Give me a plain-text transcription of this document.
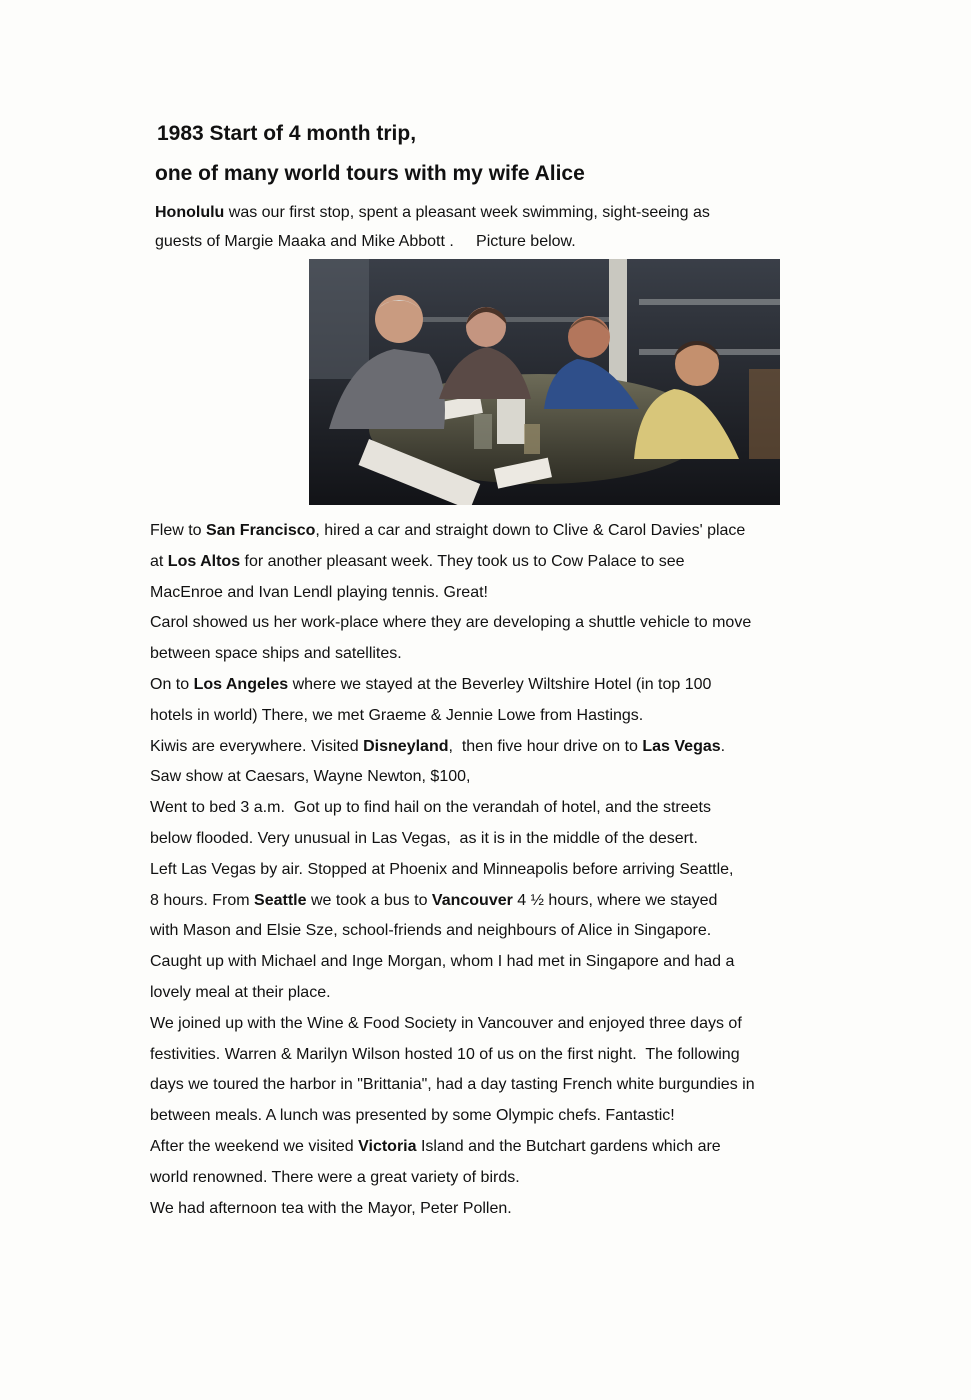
1983 Start of 4 month trip,
one of many world tours with my wife Alice
Honolulu was our first stop, spent a pleasant week swimming, sight-seeing as
guests of Margie Maaka and Mike Abbott .     Picture below.
Flew to San Francisco, hired a car and straight down to Clive & Carol Davies' place
at Los Altos for another pleasant week. They took us to Cow Palace to see
MacEnroe and Ivan Lendl playing tennis. Great!
Carol showed us her work-place where they are developing a shuttle vehicle to move
between space ships and satellites.
On to Los Angeles where we stayed at the Beverley Wiltshire Hotel (in top 100
hotels in world) There, we met Graeme & Jennie Lowe from Hastings.
Kiwis are everywhere. Visited Disneyland,  then five hour drive on to Las Vegas.
Saw show at Caesars, Wayne Newton, $100,
Went to bed 3 a.m.  Got up to find hail on the verandah of hotel, and the streets
below flooded. Very unusual in Las Vegas,  as it is in the middle of the desert.
Left Las Vegas by air. Stopped at Phoenix and Minneapolis before arriving Seattle,
8 hours. From Seattle we took a bus to Vancouver 4 ½ hours, where we stayed
with Mason and Elsie Sze, school-friends and neighbours of Alice in Singapore.
Caught up with Michael and Inge Morgan, whom I had met in Singapore and had a
lovely meal at their place.
We joined up with the Wine & Food Society in Vancouver and enjoyed three days of
festivities. Warren & Marilyn Wilson hosted 10 of us on the first night.  The following
days we toured the harbor in "Brittania", had a day tasting French white burgundies in
between meals. A lunch was presented by some Olympic chefs. Fantastic!
After the weekend we visited Victoria Island and the Butchart gardens which are
world renowned. There were a great variety of birds.
We had afternoon tea with the Mayor, Peter Pollen.
